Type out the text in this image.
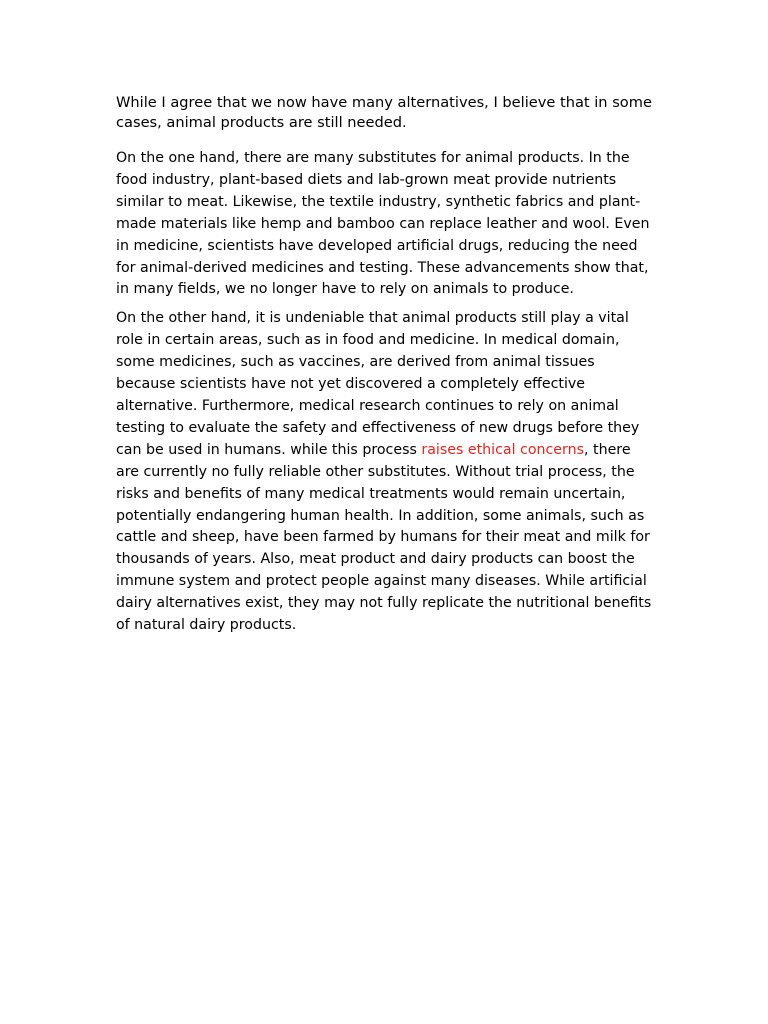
While I agree that we now have many alternatives, I believe that in some cases, animal products are still needed.

On the one hand, there are many substitutes for animal products. In the food industry, plant-based diets and lab-grown meat provide nutrients similar to meat. Likewise, the textile industry, synthetic fabrics and plant-made materials like hemp and bamboo can replace leather and wool. Even in medicine, scientists have developed artificial drugs, reducing the need for animal-derived medicines and testing. These advancements show that, in many fields, we no longer have to rely on animals to produce.

On the other hand, it is undeniable that animal products still play a vital role in certain areas, such as in food and medicine. In medical domain, some medicines, such as vaccines, are derived from animal tissues because scientists have not yet discovered a completely effective alternative. Furthermore, medical research continues to rely on animal testing to evaluate the safety and effectiveness of new drugs before they can be used in humans. while this process raises ethical concerns, there are currently no fully reliable other substitutes. Without trial process, the risks and benefits of many medical treatments would remain uncertain, potentially endangering human health. In addition, some animals, such as cattle and sheep, have been farmed by humans for their meat and milk for thousands of years. Also, meat product and dairy products can boost the immune system and protect people against many diseases. While artificial dairy alternatives exist, they may not fully replicate the nutritional benefits of natural dairy products.
